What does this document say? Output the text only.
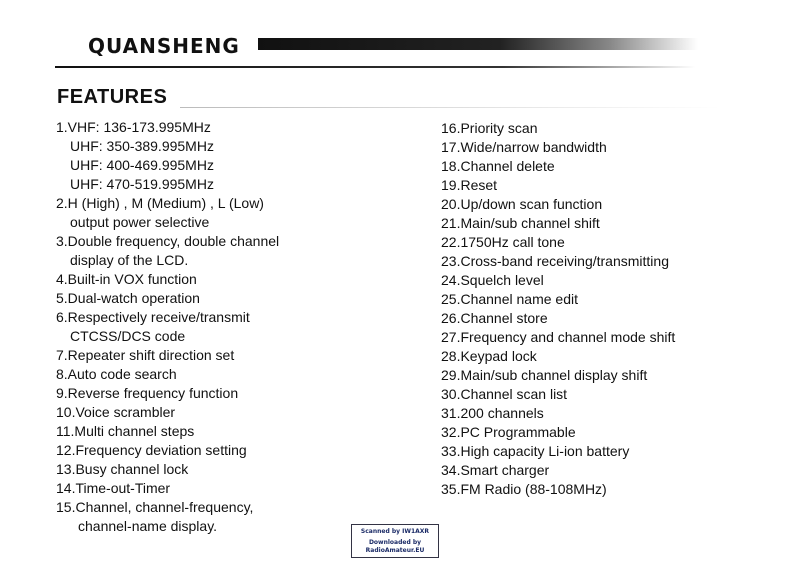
QUANSHENG
FEATURES
1.VHF: 136-173.995MHz
UHF: 350-389.995MHz
UHF: 400-469.995MHz
UHF: 470-519.995MHz
2.H (High) , M (Medium) , L (Low)
output power selective
3.Double frequency, double channel
display of the LCD.
4.Built-in VOX function
5.Dual-watch operation
6.Respectively receive/transmit
CTCSS/DCS code
7.Repeater shift direction set
8.Auto code search
9.Reverse frequency function
10.Voice scrambler
11.Multi channel steps
12.Frequency deviation setting
13.Busy channel lock
14.Time-out-Timer
15.Channel, channel-frequency,
channel-name display.
16.Priority scan
17.Wide/narrow bandwidth
18.Channel delete
19.Reset
20.Up/down scan function
21.Main/sub channel shift
22.1750Hz call tone
23.Cross-band receiving/transmitting
24.Squelch level
25.Channel name edit
26.Channel store
27.Frequency and channel mode shift
28.Keypad lock
29.Main/sub channel display shift
30.Channel scan list
31.200 channels
32.PC Programmable
33.High capacity Li-ion battery
34.Smart charger
35.FM Radio (88-108MHz)
Scanned by IW1AXR
Downloaded by
RadioAmateur.EU
